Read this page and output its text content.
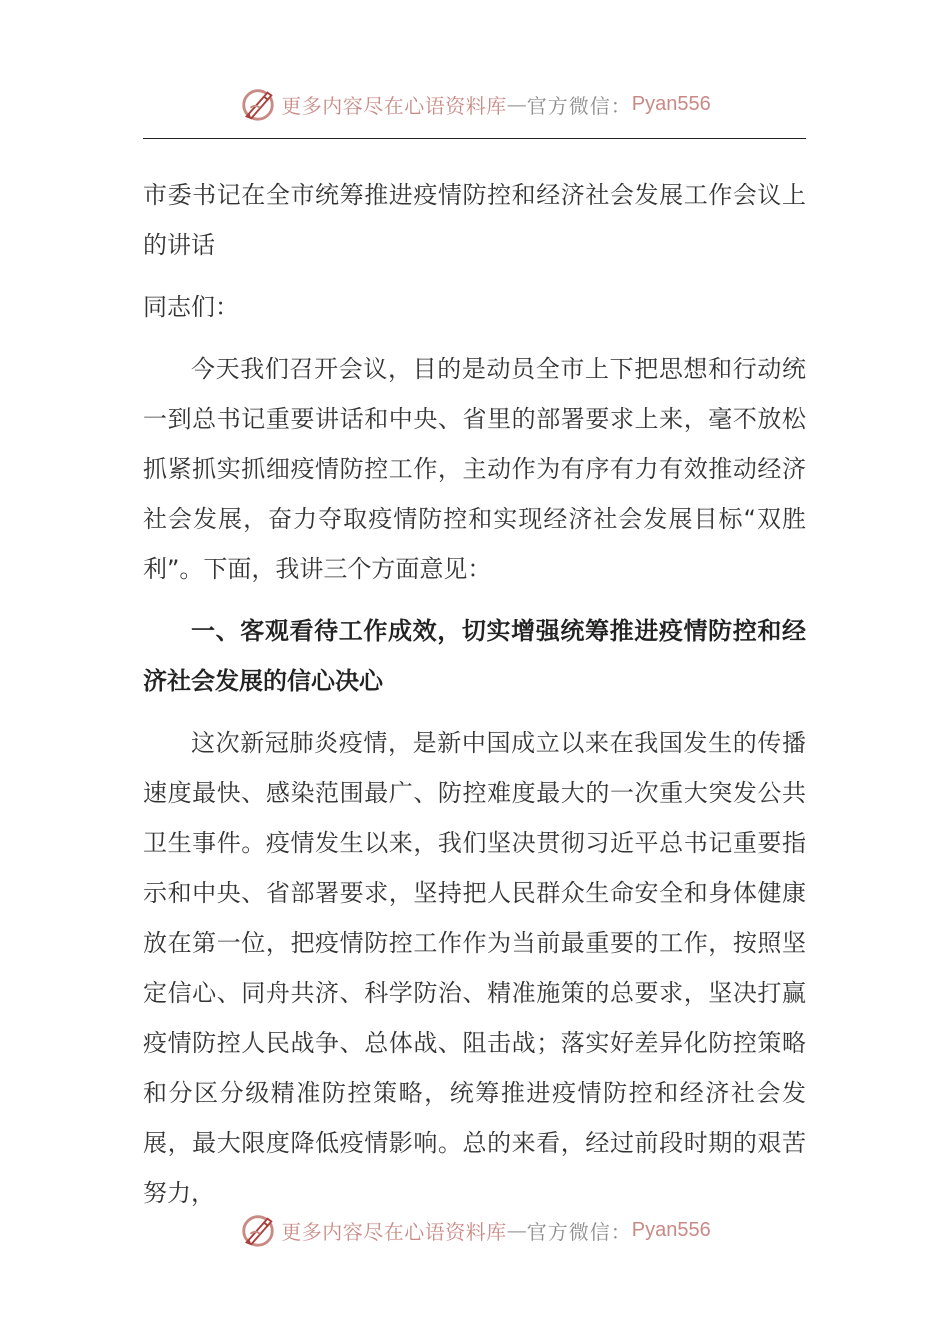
更多内容尽在心语资料库 — 官方微信： Pyan556

市委书记在全市统筹推进疫情防控和经济社会发展工作会议上的讲话

同志们：

今天我们召开会议，目的是动员全市上下把思想和行动统一到总书记重要讲话和中央、省里的部署要求上来，毫不放松抓紧抓实抓细疫情防控工作，主动作为有序有力有效推动经济社会发展，奋力夺取疫情防控和实现经济社会发展目标“双胜利”。下面，我讲三个方面意见：

一、客观看待工作成效，切实增强统筹推进疫情防控和经济社会发展的信心决心

这次新冠肺炎疫情，是新中国成立以来在我国发生的传播速度最快、感染范围最广、防控难度最大的一次重大突发公共卫生事件。疫情发生以来，我们坚决贯彻习近平总书记重要指示和中央、省部署要求，坚持把人民群众生命安全和身体健康放在第一位，把疫情防控工作作为当前最重要的工作，按照坚定信心、同舟共济、科学防治、精准施策的总要求，坚决打赢疫情防控人民战争、总体战、阻击战；落实好差异化防控策略和分区分级精准防控策略，统筹推进疫情防控和经济社会发展，最大限度降低疫情影响。总的来看，经过前段时期的艰苦努力，

更多内容尽在心语资料库 — 官方微信： Pyan556
